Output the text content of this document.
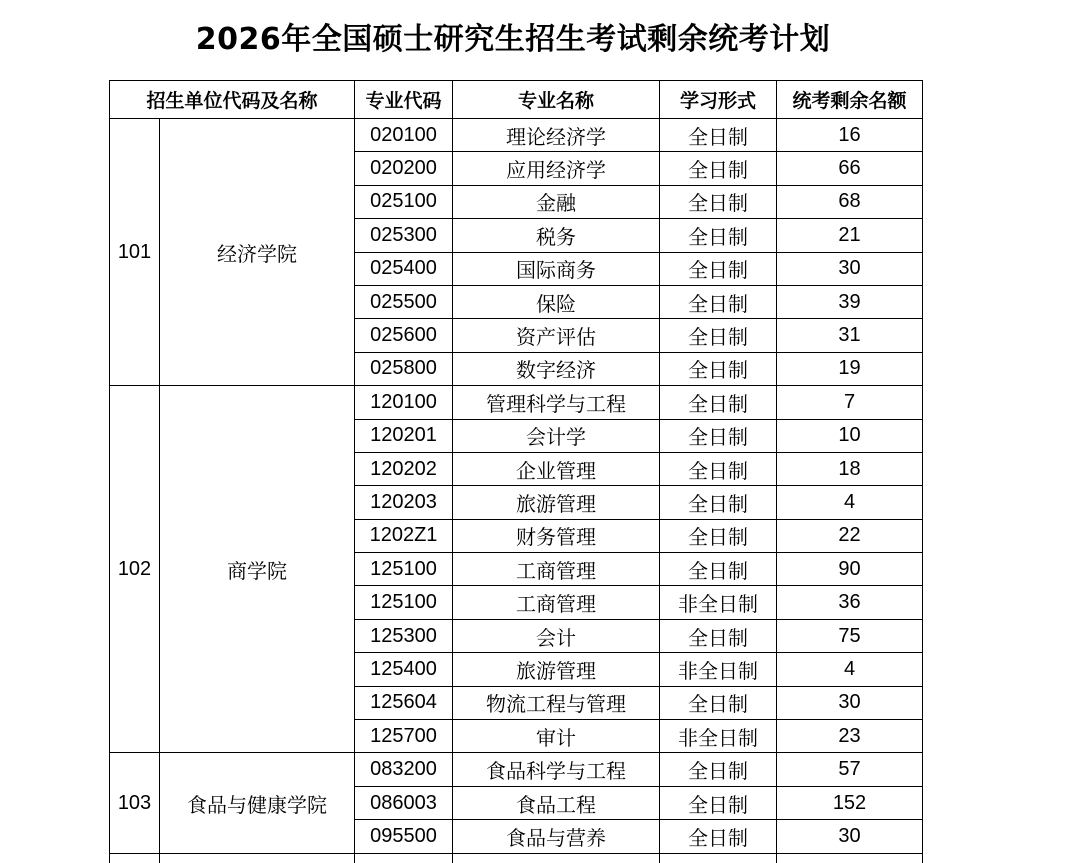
2026年全国硕士研究生招生考试剩余统考计划
招生单位代码及名称		专业代码	专业名称	学习形式	统考剩余名额
101	经济学院	020100	理论经济学	全日制	16
		020200	应用经济学	全日制	66
		025100	金融	全日制	68
		025300	税务	全日制	21
		025400	国际商务	全日制	30
		025500	保险	全日制	39
		025600	资产评估	全日制	31
		025800	数字经济	全日制	19
102	商学院	120100	管理科学与工程	全日制	7
		120201	会计学	全日制	10
		120202	企业管理	全日制	18
		120203	旅游管理	全日制	4
		1202Z1	财务管理	全日制	22
		125100	工商管理	全日制	90
		125100	工商管理	非全日制	36
		125300	会计	全日制	75
		125400	旅游管理	非全日制	4
		125604	物流工程与管理	全日制	30
		125700	审计	非全日制	23
103	食品与健康学院	083200	食品科学与工程	全日制	57
		086003	食品工程	全日制	152
		095500	食品与营养	全日制	30
